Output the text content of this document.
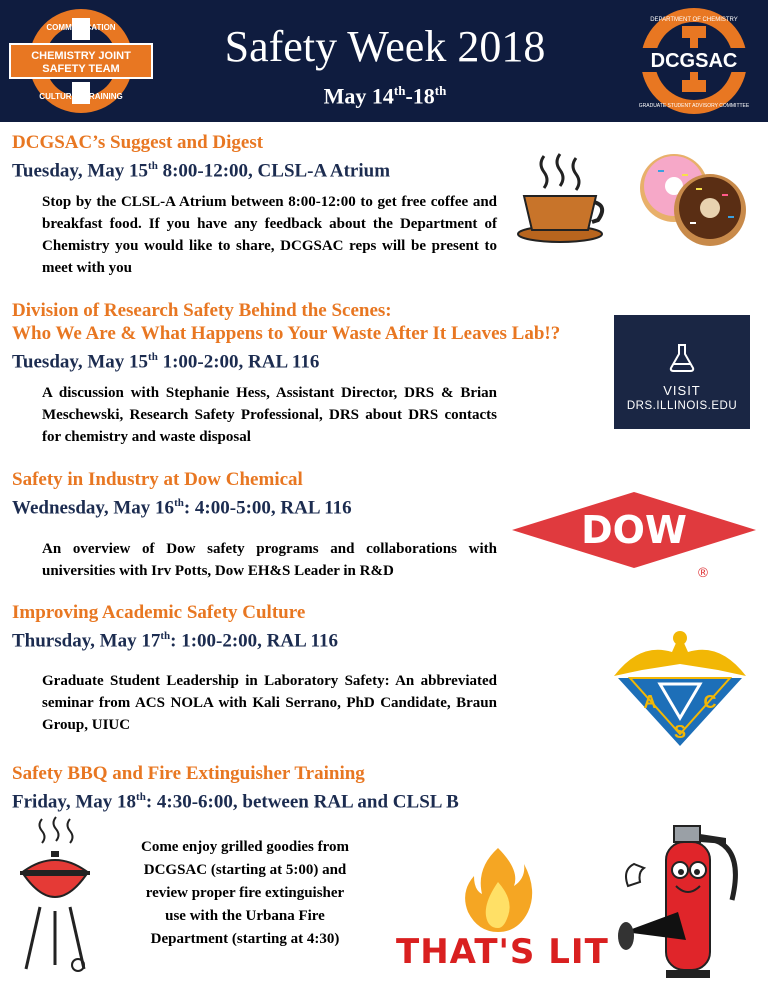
COMMUNICATION
CHEMISTRY JOINT
SAFETY TEAM
CULTURE · TRAINING
Safety Week 2018
May 14th-18th
DCGSAC
DEPARTMENT OF CHEMISTRY
GRADUATE STUDENT ADVISORY COMMITTEE
DCGSAC’s Suggest and Digest
Tuesday, May 15th 8:00-12:00, CLSL-A Atrium
Stop by the CLSL-A Atrium between 8:00-12:00 to get free coffee and breakfast food. If you have any feedback about the Department of Chemistry you would like to share, DCGSAC reps will be present to meet with you
Division of Research Safety Behind the Scenes:
Who We Are & What Happens to Your Waste After It Leaves Lab!?
Tuesday, May 15th 1:00-2:00, RAL 116
A discussion with Stephanie Hess, Assistant Director, DRS & Brian Meschewski, Research Safety Professional, DRS about DRS contacts for chemistry and waste disposal
VISIT
DRS.ILLINOIS.EDU
Safety in Industry at Dow Chemical
Wednesday, May 16th: 4:00-5:00, RAL 116
An overview of Dow safety programs and collaborations with universities with Irv Potts, Dow EH&S Leader in R&D
DOW
®
Improving Academic Safety Culture
Thursday, May 17th: 1:00-2:00, RAL 116
Graduate Student Leadership in Laboratory Safety: An abbreviated seminar from ACS NOLA with Kali Serrano, PhD Candidate, Braun Group, UIUC
A	C
S
Safety BBQ and Fire Extinguisher Training
Friday, May 18th: 4:30-6:00, between RAL and CLSL B
Come enjoy grilled goodies from
DCGSAC (starting at 5:00) and
review proper fire extinguisher
use with the Urbana Fire
Department (starting at 4:30)	THAT'S LIT
